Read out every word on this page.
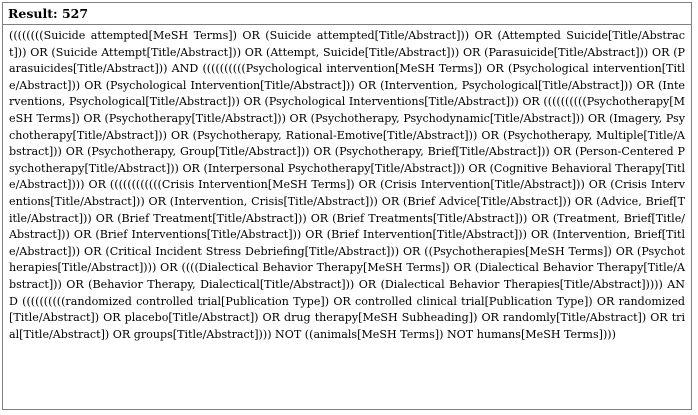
Result: 527
((((((((Suicide attempted[MeSH Terms]) OR (Suicide attempted[Title/Abstract])) OR (Attempted Suicide[Title/Abstract])) OR (Suicide Attempt[Title/Abstract])) OR (Attempt, Suicide[Title/Abstract])) OR (Parasuicide[Title/Abstract])) OR (Parasuicides[Title/Abstract])) AND ((((((((((Psychological intervention[MeSH Terms]) OR (Psychological intervention[Title/Abstract])) OR (Psychological Intervention[Title/Abstract])) OR (Intervention, Psychological[Title/Abstract])) OR (Interventions, Psychological[Title/Abstract])) OR (Psychological Interventions[Title/Abstract])) OR ((((((((((Psychotherapy[MeSH Terms]) OR (Psychotherapy[Title/Abstract])) OR (Psychotherapy, Psychodynamic[Title/Abstract])) OR (Imagery, Psychotherapy[Title/Abstract])) OR (Psychotherapy, Rational-Emotive[Title/Abstract])) OR (Psychotherapy, Multiple[Title/Abstract])) OR (Psychotherapy, Group[Title/Abstract])) OR (Psychotherapy, Brief[Title/Abstract])) OR (Person-Centered Psychotherapy[Title/Abstract])) OR (Interpersonal Psychotherapy[Title/Abstract])) OR (Cognitive Behavioral Therapy[Title/Abstract]))) OR ((((((((((((Crisis Intervention[MeSH Terms]) OR (Crisis Intervention[Title/Abstract])) OR (Crisis Interventions[Title/Abstract])) OR (Intervention, Crisis[Title/Abstract])) OR (Brief Advice[Title/Abstract])) OR (Advice, Brief[Title/Abstract])) OR (Brief Treatment[Title/Abstract])) OR (Brief Treatments[Title/Abstract])) OR (Treatment, Brief[Title/Abstract])) OR (Brief Interventions[Title/Abstract])) OR (Brief Intervention[Title/Abstract])) OR (Intervention, Brief[Title/Abstract])) OR (Critical Incident Stress Debriefing[Title/Abstract])) OR ((Psychotherapies[MeSH Terms]) OR (Psychotherapies[Title/Abstract]))) OR ((((Dialectical Behavior Therapy[MeSH Terms]) OR (Dialectical Behavior Therapy[Title/Abstract])) OR (Behavior Therapy, Dialectical[Title/Abstract])) OR (Dialectical Behavior Therapies[Title/Abstract])))) AND ((((((((((randomized controlled trial[Publication Type]) OR controlled clinical trial[Publication Type]) OR randomized[Title/Abstract]) OR placebo[Title/Abstract]) OR drug therapy[MeSH Subheading]) OR randomly[Title/Abstract]) OR trial[Title/Abstract]) OR groups[Title/Abstract]))) NOT ((animals[MeSH Terms]) NOT humans[MeSH Terms])))
